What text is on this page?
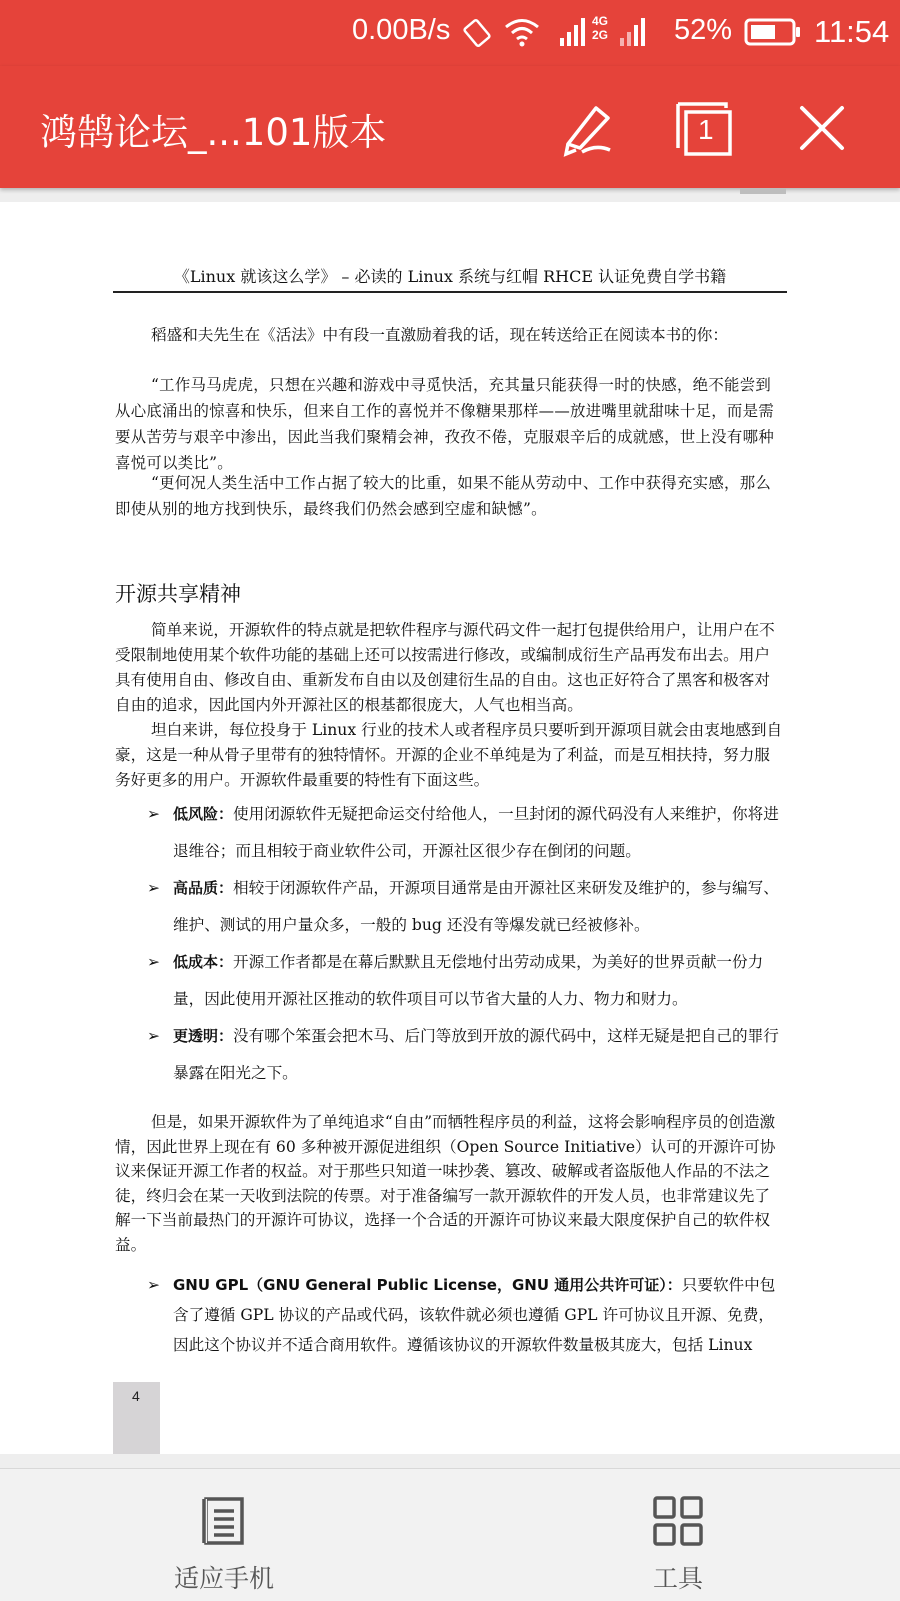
0.00B/s	4G
2G 52%	11:54
鸿鹄论坛_...101版本	1
《Linux 就该这么学》 – 必读的 Linux 系统与红帽 RHCE 认证免费自学书籍

稻盛和夫先生在《活法》中有段一直激励着我的话，现在转送给正在阅读本书的你：

“工作马马虎虎，只想在兴趣和游戏中寻觅快活，充其量只能获得一时的快感，绝不能尝到从心底涌出的惊喜和快乐，但来自工作的喜悦并不像糖果那样——放进嘴里就甜味十足，而是需要从苦劳与艰辛中渗出，因此当我们聚精会神，孜孜不倦，克服艰辛后的成就感，世上没有哪种喜悦可以类比”。

“更何况人类生活中工作占据了较大的比重，如果不能从劳动中、工作中获得充实感，那么即使从别的地方找到快乐，最终我们仍然会感到空虚和缺憾”。

开源共享精神

简单来说，开源软件的特点就是把软件程序与源代码文件一起打包提供给用户，让用户在不受限制地使用某个软件功能的基础上还可以按需进行修改，或编制成衍生产品再发布出去。用户具有使用自由、修改自由、重新发布自由以及创建衍生品的自由。这也正好符合了黑客和极客对自由的追求，因此国内外开源社区的根基都很庞大，人气也相当高。

坦白来讲，每位投身于 Linux 行业的技术人或者程序员只要听到开源项目就会由衷地感到自豪，这是一种从骨子里带有的独特情怀。开源的企业不单纯是为了利益，而是互相扶持，努力服务好更多的用户。开源软件最重要的特性有下面这些。

➢ 低风险：使用闭源软件无疑把命运交付给他人，一旦封闭的源代码没有人来维护，你将进退维谷；而且相较于商业软件公司，开源社区很少存在倒闭的问题。
➢ 高品质：相较于闭源软件产品，开源项目通常是由开源社区来研发及维护的，参与编写、维护、测试的用户量众多，一般的 bug 还没有等爆发就已经被修补。
➢ 低成本：开源工作者都是在幕后默默且无偿地付出劳动成果，为美好的世界贡献一份力量，因此使用开源社区推动的软件项目可以节省大量的人力、物力和财力。
➢ 更透明：没有哪个笨蛋会把木马、后门等放到开放的源代码中，这样无疑是把自己的罪行暴露在阳光之下。

但是，如果开源软件为了单纯追求“自由”而牺牲程序员的利益，这将会影响程序员的创造激情，因此世界上现在有 60 多种被开源促进组织（Open Source Initiative）认可的开源许可协议来保证开源工作者的权益。对于那些只知道一味抄袭、篡改、破解或者盗版他人作品的不法之徒，终归会在某一天收到法院的传票。对于准备编写一款开源软件的开发人员，也非常建议先了解一下当前最热门的开源许可协议，选择一个合适的开源许可协议来最大限度保护自己的软件权益。

➢ GNU GPL（GNU General Public License，GNU 通用公共许可证）：只要软件中包含了遵循 GPL 协议的产品或代码，该软件就必须也遵循 GPL 许可协议且开源、免费，因此这个协议并不适合商用软件。遵循该协议的开源软件数量极其庞大，包括 Linux
4
适应手机	工具
